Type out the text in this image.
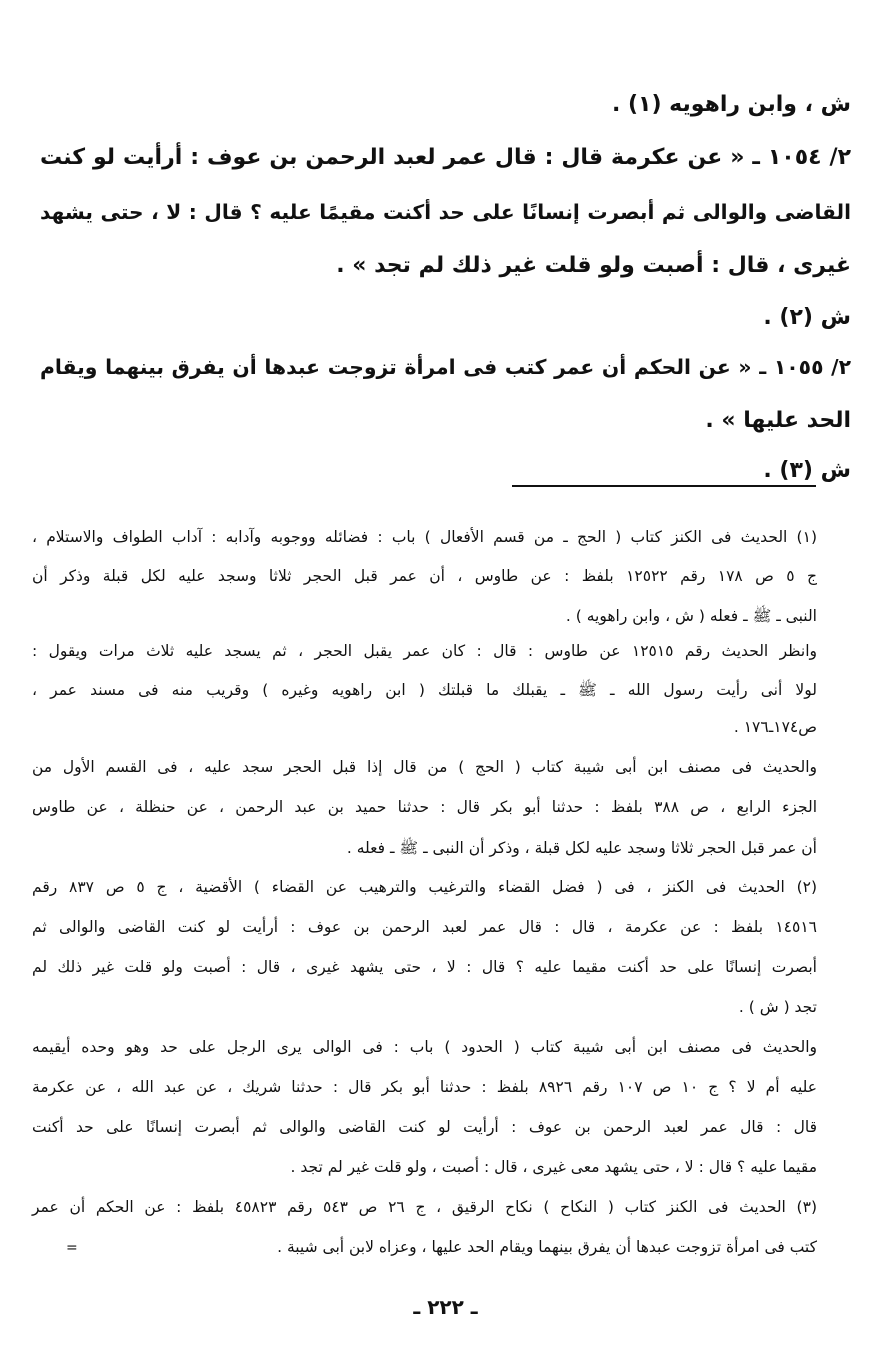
ش ، وابن راهويه (١) .
٢/ ١٠٥٤ ـ « عن عكرمة قال : قال عمر لعبد الرحمن بن عوف : أرأيت لو كنت
القاضى والوالى ثم أبصرت إنسانًا على حد أكنت مقيمًا عليه ؟ قال : لا ، حتى يشهد
غيرى ، قال : أصبت ولو قلت غير ذلك لم تجد » .
ش (٢) .
٢/ ١٠٥٥ ـ « عن الحكم أن عمر كتب فى امرأة تزوجت عبدها أن يفرق بينهما ويقام
الحد عليها » .
ش (٣) .
(١) الحديث فى الكنز كتاب ( الحج ـ من قسم الأفعال ) باب : فضائله ووجوبه وآدابه : آداب الطواف والاستلام ،
ج ٥ ص ١٧٨ رقم ١٢٥٢٢ بلفظ : عن طاوس ، أن عمر قبل الحجر ثلاثا وسجد عليه لكل قبلة وذكر أن
النبى ـ ﷺ ـ فعله ( ش ، وابن راهويه ) .
وانظر الحديث رقم ١٢٥١٥ عن طاوس : قال : كان عمر يقبل الحجر ، ثم يسجد عليه ثلاث مرات ويقول :
لولا أنى رأيت رسول الله ـ ﷺ ـ يقبلك ما قبلتك ( ابن راهويه وغيره ) وقريب منه فى مسند عمر ،
ص١٧٤ـ١٧٦ .
والحديث فى مصنف ابن أبى شيبة كتاب ( الحج ) من قال إذا قبل الحجر سجد عليه ، فى القسم الأول من
الجزء الرابع ، ص ٣٨٨ بلفظ : حدثنا أبو بكر قال : حدثنا حميد بن عبد الرحمن ، عن حنظلة ، عن طاوس
أن عمر قبل الحجر ثلاثا وسجد عليه لكل قبلة ، وذكر أن النبى ـ ﷺ ـ فعله .
(٢) الحديث فى الكنز ، فى ( فضل القضاء والترغيب والترهيب عن القضاء ) الأقضية ، ج ٥ ص ٨٣٧ رقم
١٤٥١٦ بلفظ : عن عكرمة ، قال : قال عمر لعبد الرحمن بن عوف : أرأيت لو كنت القاضى والوالى ثم
أبصرت إنسانًا على حد أكنت مقيما عليه ؟ قال : لا ، حتى يشهد غيرى ، قال : أصبت ولو قلت غير ذلك لم
تجد ( ش ) .
والحديث فى مصنف ابن أبى شيبة كتاب ( الحدود ) باب : فى الوالى يرى الرجل على حد وهو وحده أيقيمه
عليه أم لا ؟ ج ١٠ ص ١٠٧ رقم ٨٩٢٦ بلفظ : حدثنا أبو بكر قال : حدثنا شريك ، عن عبد الله ، عن عكرمة
قال : قال عمر لعبد الرحمن بن عوف : أرأيت لو كنت القاضى والوالى ثم أبصرت إنسانًا على حد أكنت
مقيما عليه ؟ قال : لا ، حتى يشهد معى غيرى ، قال : أصبت ، ولو قلت غير لم تجد .
(٣) الحديث فى الكنز كتاب ( النكاح ) نكاح الرقيق ، ج ٢٦ ص ٥٤٣ رقم ٤٥٨٢٣ بلفظ : عن الحكم أن عمر
كتب فى امرأة تزوجت عبدها أن يفرق بينهما ويقام الحد عليها ، وعزاه لابن أبى شيبة .
=
ـ ٢٢٢ ـ
